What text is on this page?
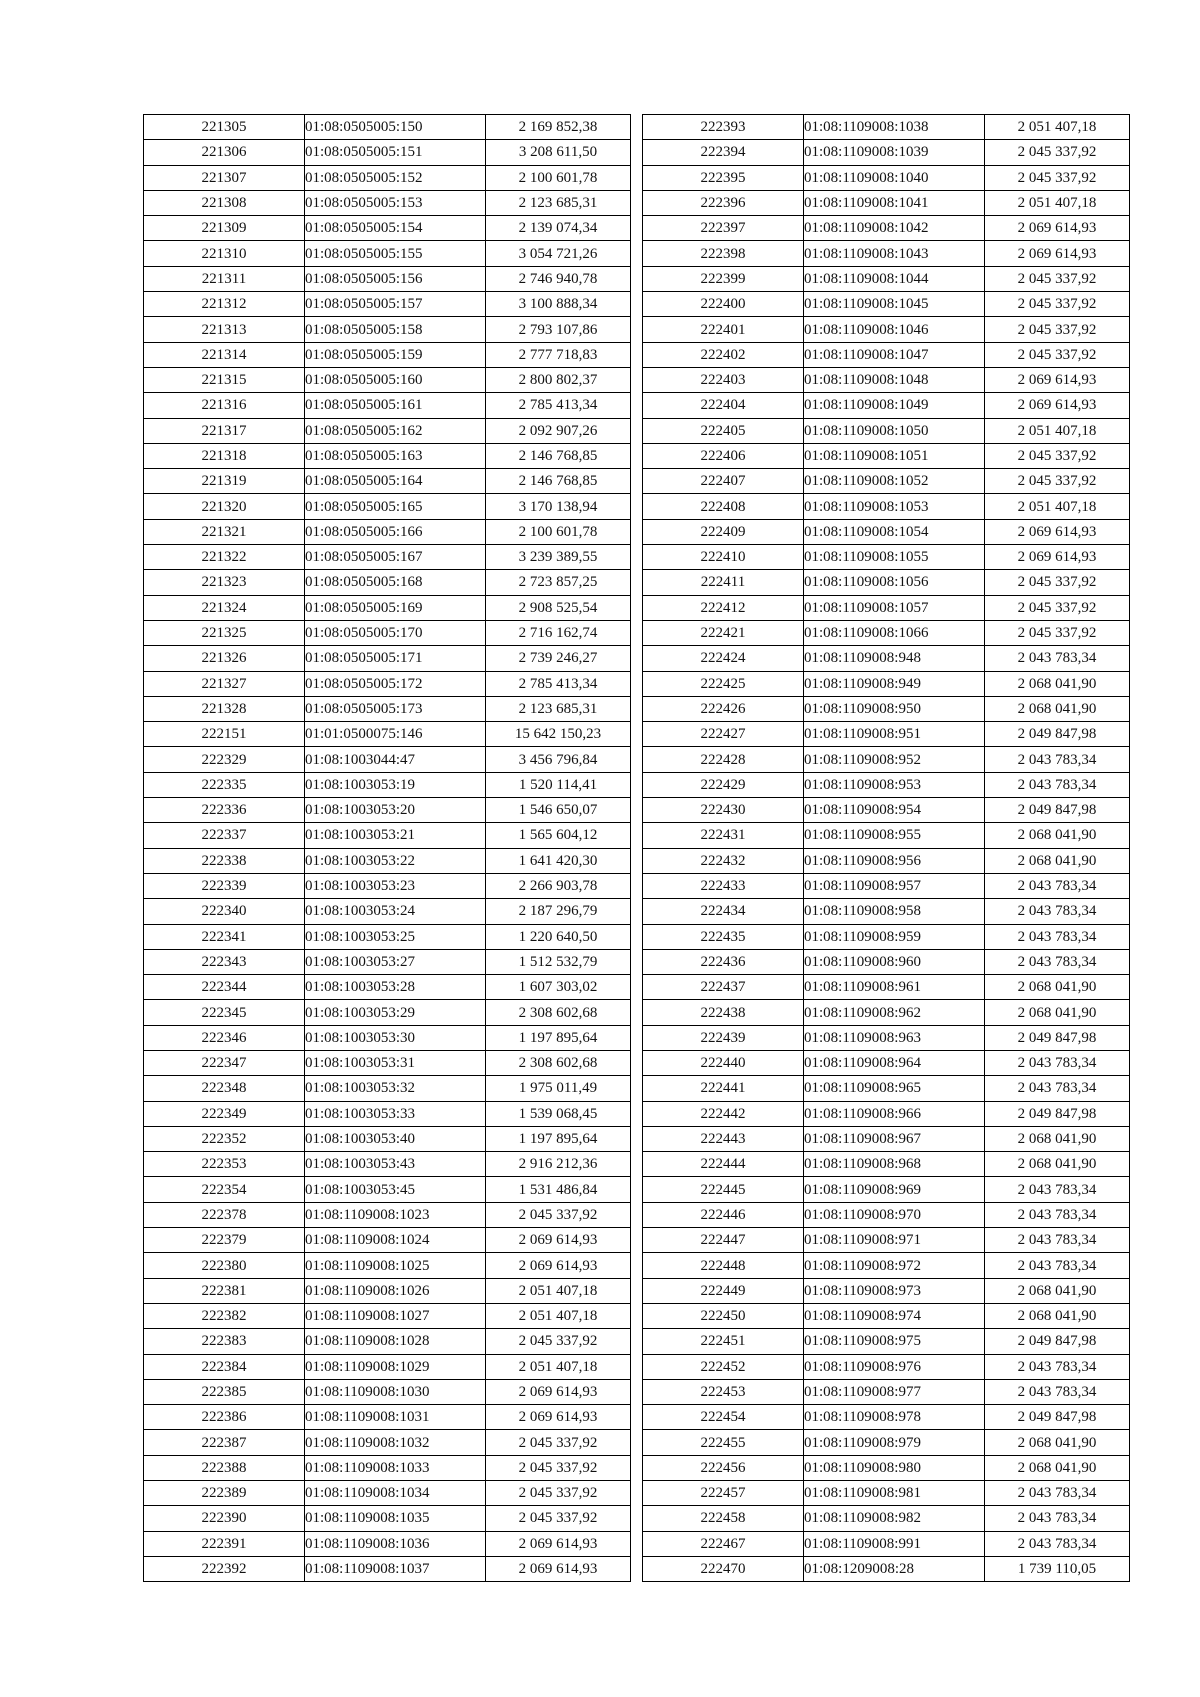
221305	01:08:0505005:150	2 169 852,38
221306	01:08:0505005:151	3 208 611,50
221307	01:08:0505005:152	2 100 601,78
221308	01:08:0505005:153	2 123 685,31
221309	01:08:0505005:154	2 139 074,34
221310	01:08:0505005:155	3 054 721,26
221311	01:08:0505005:156	2 746 940,78
221312	01:08:0505005:157	3 100 888,34
221313	01:08:0505005:158	2 793 107,86
221314	01:08:0505005:159	2 777 718,83
221315	01:08:0505005:160	2 800 802,37
221316	01:08:0505005:161	2 785 413,34
221317	01:08:0505005:162	2 092 907,26
221318	01:08:0505005:163	2 146 768,85
221319	01:08:0505005:164	2 146 768,85
221320	01:08:0505005:165	3 170 138,94
221321	01:08:0505005:166	2 100 601,78
221322	01:08:0505005:167	3 239 389,55
221323	01:08:0505005:168	2 723 857,25
221324	01:08:0505005:169	2 908 525,54
221325	01:08:0505005:170	2 716 162,74
221326	01:08:0505005:171	2 739 246,27
221327	01:08:0505005:172	2 785 413,34
221328	01:08:0505005:173	2 123 685,31
222151	01:01:0500075:146	15 642 150,23
222329	01:08:1003044:47	3 456 796,84
222335	01:08:1003053:19	1 520 114,41
222336	01:08:1003053:20	1 546 650,07
222337	01:08:1003053:21	1 565 604,12
222338	01:08:1003053:22	1 641 420,30
222339	01:08:1003053:23	2 266 903,78
222340	01:08:1003053:24	2 187 296,79
222341	01:08:1003053:25	1 220 640,50
222343	01:08:1003053:27	1 512 532,79
222344	01:08:1003053:28	1 607 303,02
222345	01:08:1003053:29	2 308 602,68
222346	01:08:1003053:30	1 197 895,64
222347	01:08:1003053:31	2 308 602,68
222348	01:08:1003053:32	1 975 011,49
222349	01:08:1003053:33	1 539 068,45
222352	01:08:1003053:40	1 197 895,64
222353	01:08:1003053:43	2 916 212,36
222354	01:08:1003053:45	1 531 486,84
222378	01:08:1109008:1023	2 045 337,92
222379	01:08:1109008:1024	2 069 614,93
222380	01:08:1109008:1025	2 069 614,93
222381	01:08:1109008:1026	2 051 407,18
222382	01:08:1109008:1027	2 051 407,18
222383	01:08:1109008:1028	2 045 337,92
222384	01:08:1109008:1029	2 051 407,18
222385	01:08:1109008:1030	2 069 614,93
222386	01:08:1109008:1031	2 069 614,93
222387	01:08:1109008:1032	2 045 337,92
222388	01:08:1109008:1033	2 045 337,92
222389	01:08:1109008:1034	2 045 337,92
222390	01:08:1109008:1035	2 045 337,92
222391	01:08:1109008:1036	2 069 614,93
222392	01:08:1109008:1037	2 069 614,93
222393	01:08:1109008:1038	2 051 407,18
222394	01:08:1109008:1039	2 045 337,92
222395	01:08:1109008:1040	2 045 337,92
222396	01:08:1109008:1041	2 051 407,18
222397	01:08:1109008:1042	2 069 614,93
222398	01:08:1109008:1043	2 069 614,93
222399	01:08:1109008:1044	2 045 337,92
222400	01:08:1109008:1045	2 045 337,92
222401	01:08:1109008:1046	2 045 337,92
222402	01:08:1109008:1047	2 045 337,92
222403	01:08:1109008:1048	2 069 614,93
222404	01:08:1109008:1049	2 069 614,93
222405	01:08:1109008:1050	2 051 407,18
222406	01:08:1109008:1051	2 045 337,92
222407	01:08:1109008:1052	2 045 337,92
222408	01:08:1109008:1053	2 051 407,18
222409	01:08:1109008:1054	2 069 614,93
222410	01:08:1109008:1055	2 069 614,93
222411	01:08:1109008:1056	2 045 337,92
222412	01:08:1109008:1057	2 045 337,92
222421	01:08:1109008:1066	2 045 337,92
222424	01:08:1109008:948	2 043 783,34
222425	01:08:1109008:949	2 068 041,90
222426	01:08:1109008:950	2 068 041,90
222427	01:08:1109008:951	2 049 847,98
222428	01:08:1109008:952	2 043 783,34
222429	01:08:1109008:953	2 043 783,34
222430	01:08:1109008:954	2 049 847,98
222431	01:08:1109008:955	2 068 041,90
222432	01:08:1109008:956	2 068 041,90
222433	01:08:1109008:957	2 043 783,34
222434	01:08:1109008:958	2 043 783,34
222435	01:08:1109008:959	2 043 783,34
222436	01:08:1109008:960	2 043 783,34
222437	01:08:1109008:961	2 068 041,90
222438	01:08:1109008:962	2 068 041,90
222439	01:08:1109008:963	2 049 847,98
222440	01:08:1109008:964	2 043 783,34
222441	01:08:1109008:965	2 043 783,34
222442	01:08:1109008:966	2 049 847,98
222443	01:08:1109008:967	2 068 041,90
222444	01:08:1109008:968	2 068 041,90
222445	01:08:1109008:969	2 043 783,34
222446	01:08:1109008:970	2 043 783,34
222447	01:08:1109008:971	2 043 783,34
222448	01:08:1109008:972	2 043 783,34
222449	01:08:1109008:973	2 068 041,90
222450	01:08:1109008:974	2 068 041,90
222451	01:08:1109008:975	2 049 847,98
222452	01:08:1109008:976	2 043 783,34
222453	01:08:1109008:977	2 043 783,34
222454	01:08:1109008:978	2 049 847,98
222455	01:08:1109008:979	2 068 041,90
222456	01:08:1109008:980	2 068 041,90
222457	01:08:1109008:981	2 043 783,34
222458	01:08:1109008:982	2 043 783,34
222467	01:08:1109008:991	2 043 783,34
222470	01:08:1209008:28	1 739 110,05
